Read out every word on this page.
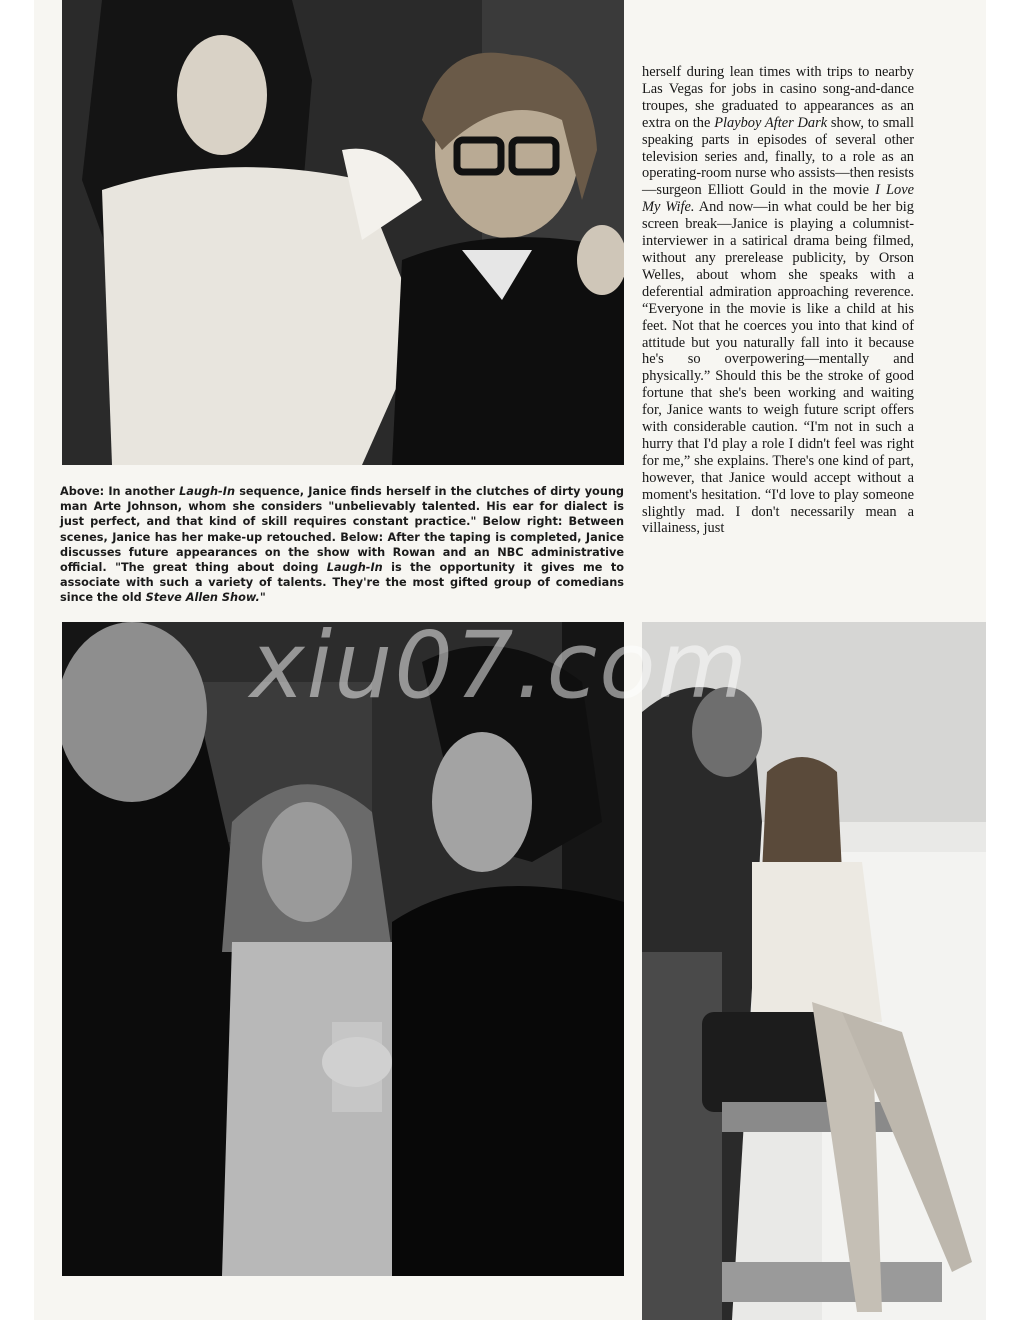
Above: In another Laugh-In sequence, Janice finds herself in the clutches of dirty young man Arte Johnson, whom she considers "unbelievably talented. His ear for dialect is just perfect, and that kind of skill requires constant practice." Below right: Between scenes, Janice has her make-up retouched. Below: After the taping is completed, Janice discusses future appearances on the show with Rowan and an NBC administrative official. "The great thing about doing Laugh-In is the opportunity it gives me to associate with such a variety of talents. They're the most gifted group of comedians since the old Steve Allen Show."
herself during lean times with trips to nearby Las Vegas for jobs in casino song-and-dance troupes, she graduated to appearances as an extra on the Playboy After Dark show, to small speaking parts in episodes of several other television series and, finally, to a role as an operating-room nurse who assists—then resists—surgeon Elliott Gould in the movie I Love My Wife. And now—in what could be her big screen break—Janice is playing a columnist-interviewer in a satirical drama being filmed, without any prerelease publicity, by Orson Welles, about whom she speaks with a deferential admiration approaching reverence. “Everyone in the movie is like a child at his feet. Not that he coerces you into that kind of attitude but you naturally fall into it because he's so overpowering—mentally and physically.” Should this be the stroke of good fortune that she's been working and waiting for, Janice wants to weigh future script offers with considerable caution. “I'm not in such a hurry that I'd play a role I didn't feel was right for me,” she explains. There's one kind of part, however, that Janice would accept without a moment's hesitation. “I'd love to play someone slightly mad. I don't necessarily mean a villainess, just
xiu07.com
